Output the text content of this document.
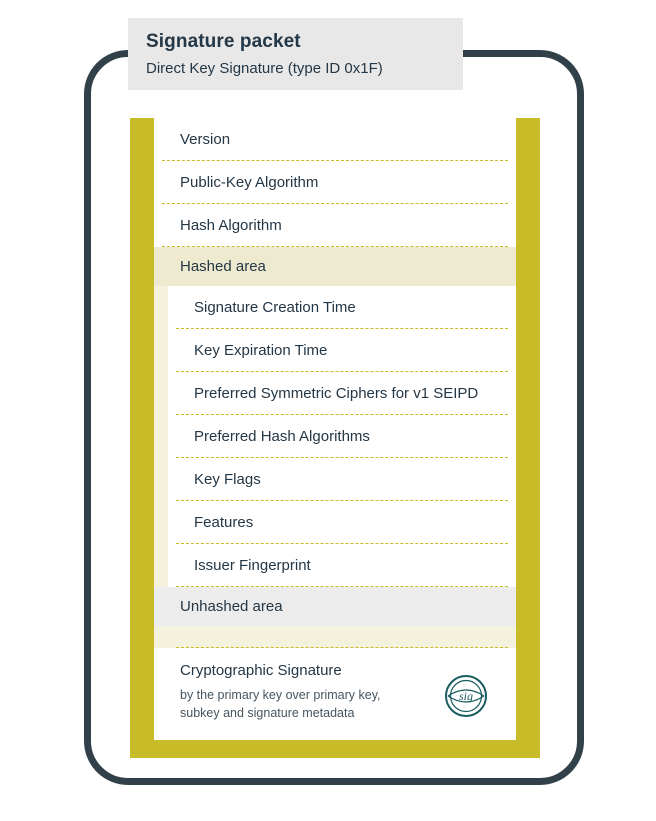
Signature packet
Direct Key Signature (type ID 0x1F)
Version
Public-Key Algorithm
Hash Algorithm
Hashed area
Signature Creation Time
Key Expiration Time
Preferred Symmetric Ciphers for v1 SEIPD
Preferred Hash Algorithms
Key Flags
Features
Issuer Fingerprint
Unhashed area
Cryptographic Signature
by the primary key over primary key, subkey and signature metadata
sig
